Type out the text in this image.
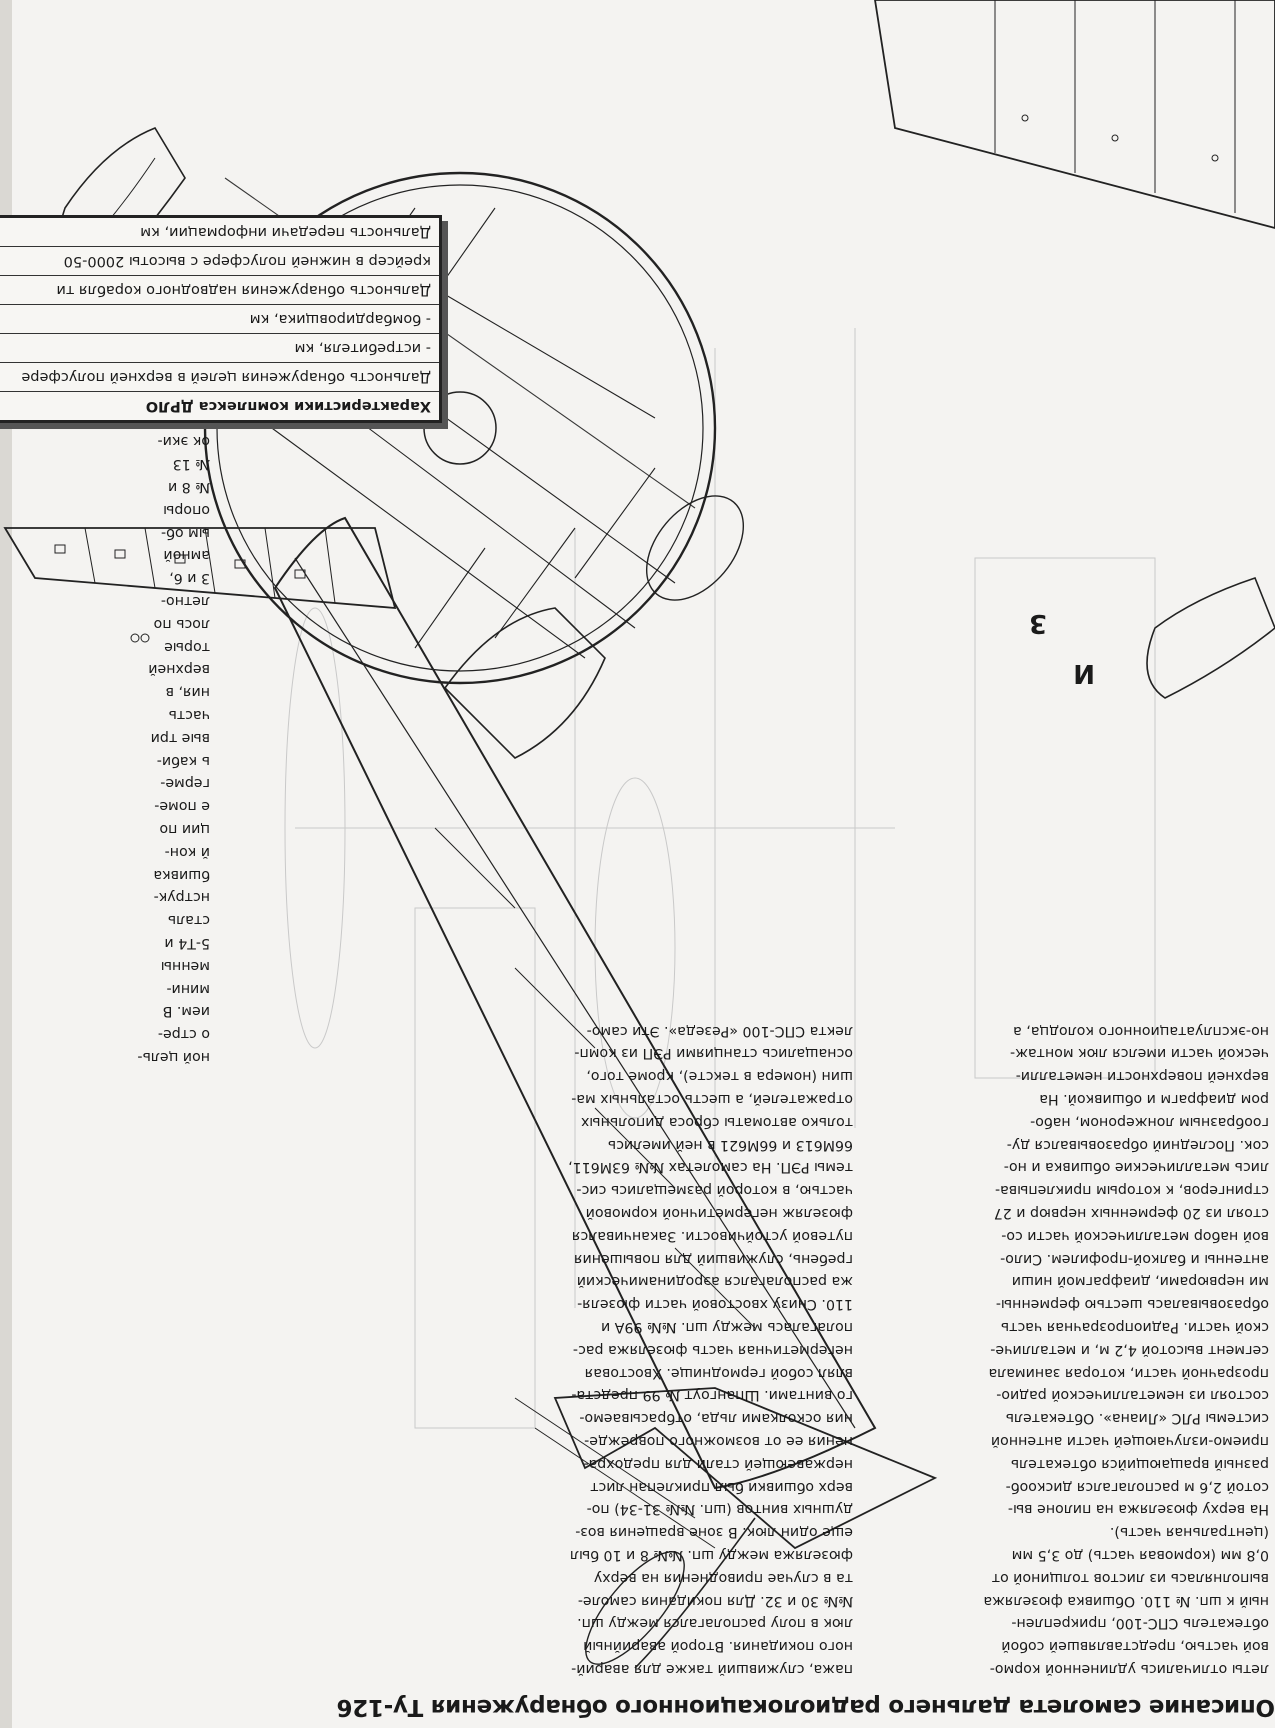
Описание самолета дальнего радиолокационного обнаружения Ту-126
Характеристики комплекса ДРЛО
Дальность обнаружения целей в верхней полусфере
- истребителя, км
- бомбардировщика, км
Дальность обнаружения надводного корабля ти
крейсер в нижней полусфере с высоты 2000-50
Дальность передачи информации, км
3
И
пажа, служивший также для аварий-
ного покидания. Второй аварийный
люк в полу располагался между шп.
№№ 30 и 32. Для покидания самоле-
та в случае приводнения на верху
фюзеляжа между шп. №№ 8 и 10 был
еще один люк. В зоне вращения воз-
душных винтов (шп. №№ 31-34) по-
верх обшивки был приклепан лист
нержавеющей стали для предохра-
нения ее от возможного поврежде-
ния осколками льда, отбрасываемо-
го винтами. Шпангоут № 99 предста-
влял собой гермоднище. Хвостовая
негерметичная часть фюзеляжа рас-
полагалась между шп. №№ 99А и
110. Снизу хвостовой части фюзеля-
жа располагался аэродинамический
гребень, служивший для повышения
путевой устойчивости. Заканчивался
фюзеляж негерметичной кормовой
частью, в которой размещались сис-
темы РЭП. На самолетах №№ 63М611,
66М613 и 66М621 в ней имелись
только автоматы сброса дипольных
отражателей, а шесть остальных ма-
шин (номера в тексте), кроме того,
оснащались станциями РЭП из комп-
лекта СПС-100 «Резеда». Эти само-
леты отличались удлиненной кормо-
вой частью, представлявшей собой
обтекатель СПС-100, прикреплен-
ный к шп. № 110. Обшивка фюзеляжа
выполнялась из листов толщиной от
0,8 мм (кормовая часть) до 3,5 мм
(центральная часть).
На верху фюзеляжа на пилоне вы-
сотой 2,6 м располагался дискооб-
разный вращающийся обтекатель
приемо-излучающей части антенной
системы РЛС «Лиана». Обтекатель
состоял из неметаллической радио-
прозрачной части, которая занимала
сегмент высотой 4,2 м, и металличе-
ской части. Радиопрозрачная часть
образовывалась шестью ферменны-
ми нервюрами, диафрагмой ниши
антенны и балкой-профилем. Сило-
вой набор металлической части со-
стоял из 20 ферменных нервюр и 27
стрингеров, к которым приклепыва-
лись металлические обшивка и но-
сок. Последний образовывался ду-
гообразным лонжероном, набо-
ром диафрагм и обшивкой. На
верхней поверхности неметалли-
ческой части имелся люк монтаж-
но-эксплуатационного колодца, а
ной цель-
о стре-
ием. В
мини-
менны
5-Т4 и
сталь
нструк-
бшивка
й кон-
ции по
е поме-
гермe-
ь каби-
вые три
часть
ния, в
верхней
торые
лось по
летно-
3 и 6,
амной
ым об-
опоры
№ 8 и
№ 13
ок эки-
